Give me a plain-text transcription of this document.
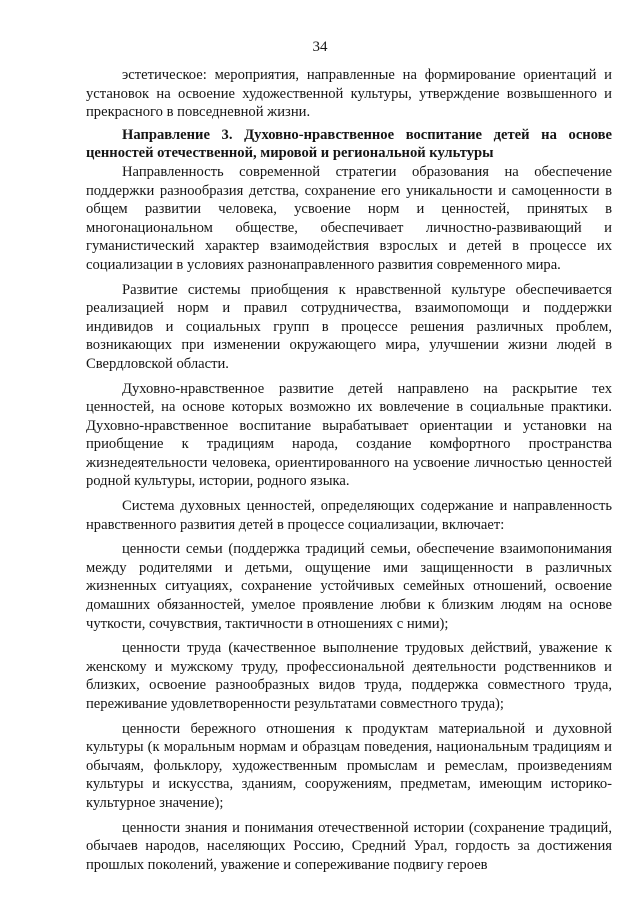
34

эстетическое: мероприятия, направленные на формирование ориентаций и установок на освоение художественной культуры, утверждение возвышенного и прекрасного в повседневной жизни.

Направление 3. Духовно-нравственное воспитание детей на основе ценностей отечественной, мировой и региональной культуры

Направленность современной стратегии образования на обеспечение поддержки разнообразия детства, сохранение его уникальности и самоценности в общем развитии человека, усвоение норм и ценностей, принятых в многонациональном обществе, обеспечивает личностно-развивающий и гуманистический характер взаимодействия взрослых и детей в процессе их социализации в условиях разнонаправленного развития современного мира.

Развитие системы приобщения к нравственной культуре обеспечивается реализацией норм и правил сотрудничества, взаимопомощи и поддержки индивидов и социальных групп в процессе решения различных проблем, возникающих при изменении окружающего мира, улучшении жизни людей в Свердловской области.

Духовно-нравственное развитие детей направлено на раскрытие тех ценностей, на основе которых возможно их вовлечение в социальные практики. Духовно-нравственное воспитание вырабатывает ориентации и установки на приобщение к традициям народа, создание комфортного пространства жизнедеятельности человека, ориентированного на усвоение личностью ценностей родной культуры, истории, родного языка.

Система духовных ценностей, определяющих содержание и направленность нравственного развития детей в процессе социализации, включает:

ценности семьи (поддержка традиций семьи, обеспечение взаимопонимания между родителями и детьми, ощущение ими защищенности в различных жизненных ситуациях, сохранение устойчивых семейных отношений, освоение домашних обязанностей, умелое проявление любви к близким людям на основе чуткости, сочувствия, тактичности в отношениях с ними);

ценности труда (качественное выполнение трудовых действий, уважение к женскому и мужскому труду, профессиональной деятельности родственников и близких, освоение разнообразных видов труда, поддержка совместного труда, переживание удовлетворенности результатами совместного труда);

ценности бережного отношения к продуктам материальной и духовной культуры (к моральным нормам и образцам поведения, национальным традициям и обычаям, фольклору, художественным промыслам и ремеслам, произведениям культуры и искусства, зданиям, сооружениям, предметам, имеющим историко-культурное значение);

ценности знания и понимания отечественной истории (сохранение традиций, обычаев народов, населяющих Россию, Средний Урал, гордость за достижения прошлых поколений, уважение и сопереживание подвигу героев
